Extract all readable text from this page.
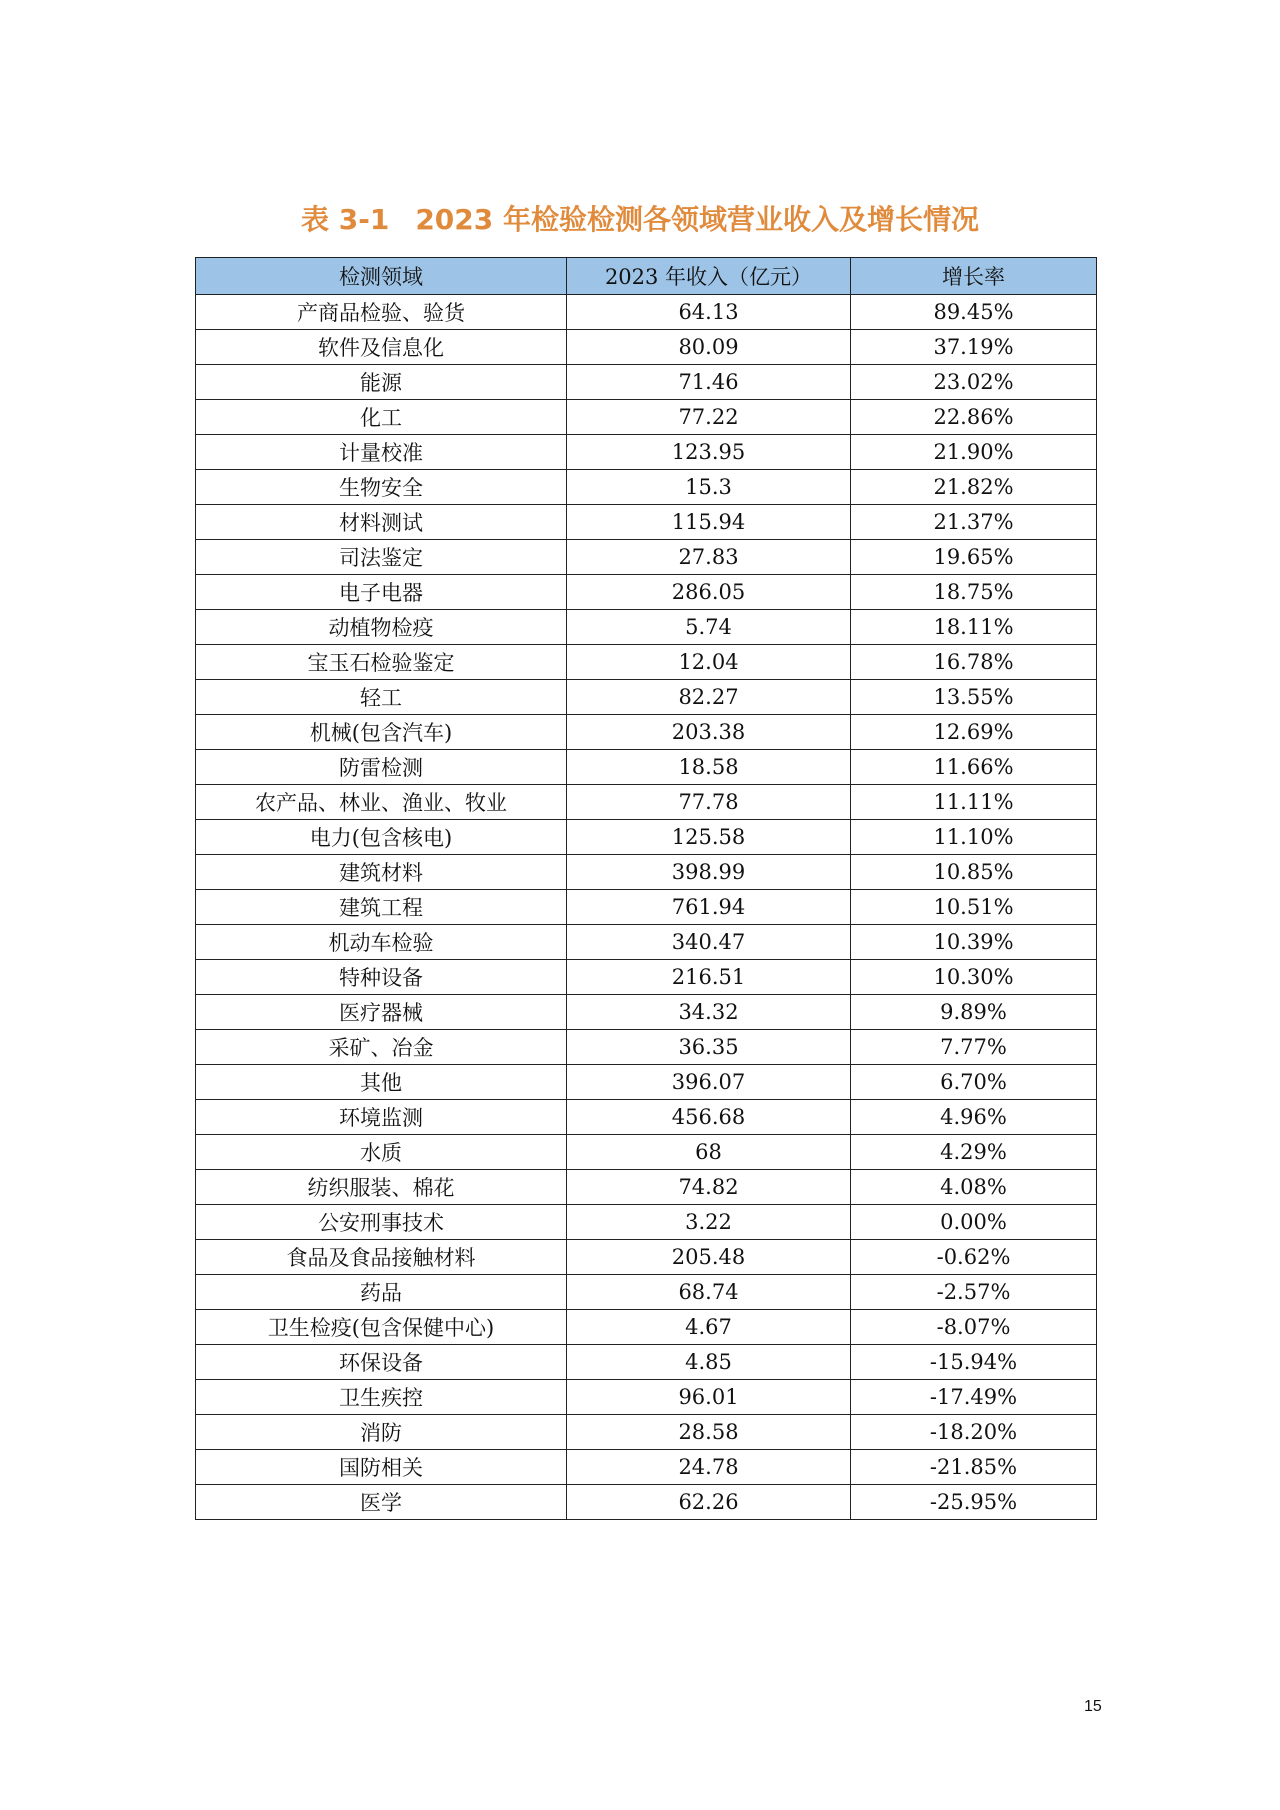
表 3-1 2023 年检验检测各领域营业收入及增长情况
检测领域	2023 年收入（亿元）	增长率
产商品检验、验货	64.13	89.45%
软件及信息化	80.09	37.19%
能源	71.46	23.02%
化工	77.22	22.86%
计量校准	123.95	21.90%
生物安全	15.3	21.82%
材料测试	115.94	21.37%
司法鉴定	27.83	19.65%
电子电器	286.05	18.75%
动植物检疫	5.74	18.11%
宝玉石检验鉴定	12.04	16.78%
轻工	82.27	13.55%
机械(包含汽车)	203.38	12.69%
防雷检测	18.58	11.66%
农产品、林业、渔业、牧业	77.78	11.11%
电力(包含核电)	125.58	11.10%
建筑材料	398.99	10.85%
建筑工程	761.94	10.51%
机动车检验	340.47	10.39%
特种设备	216.51	10.30%
医疗器械	34.32	9.89%
采矿、冶金	36.35	7.77%
其他	396.07	6.70%
环境监测	456.68	4.96%
水质	68	4.29%
纺织服装、棉花	74.82	4.08%
公安刑事技术	3.22	0.00%
食品及食品接触材料	205.48	-0.62%
药品	68.74	-2.57%
卫生检疫(包含保健中心)	4.67	-8.07%
环保设备	4.85	-15.94%
卫生疾控	96.01	-17.49%
消防	28.58	-18.20%
国防相关	24.78	-21.85%
医学	62.26	-25.95%
15
